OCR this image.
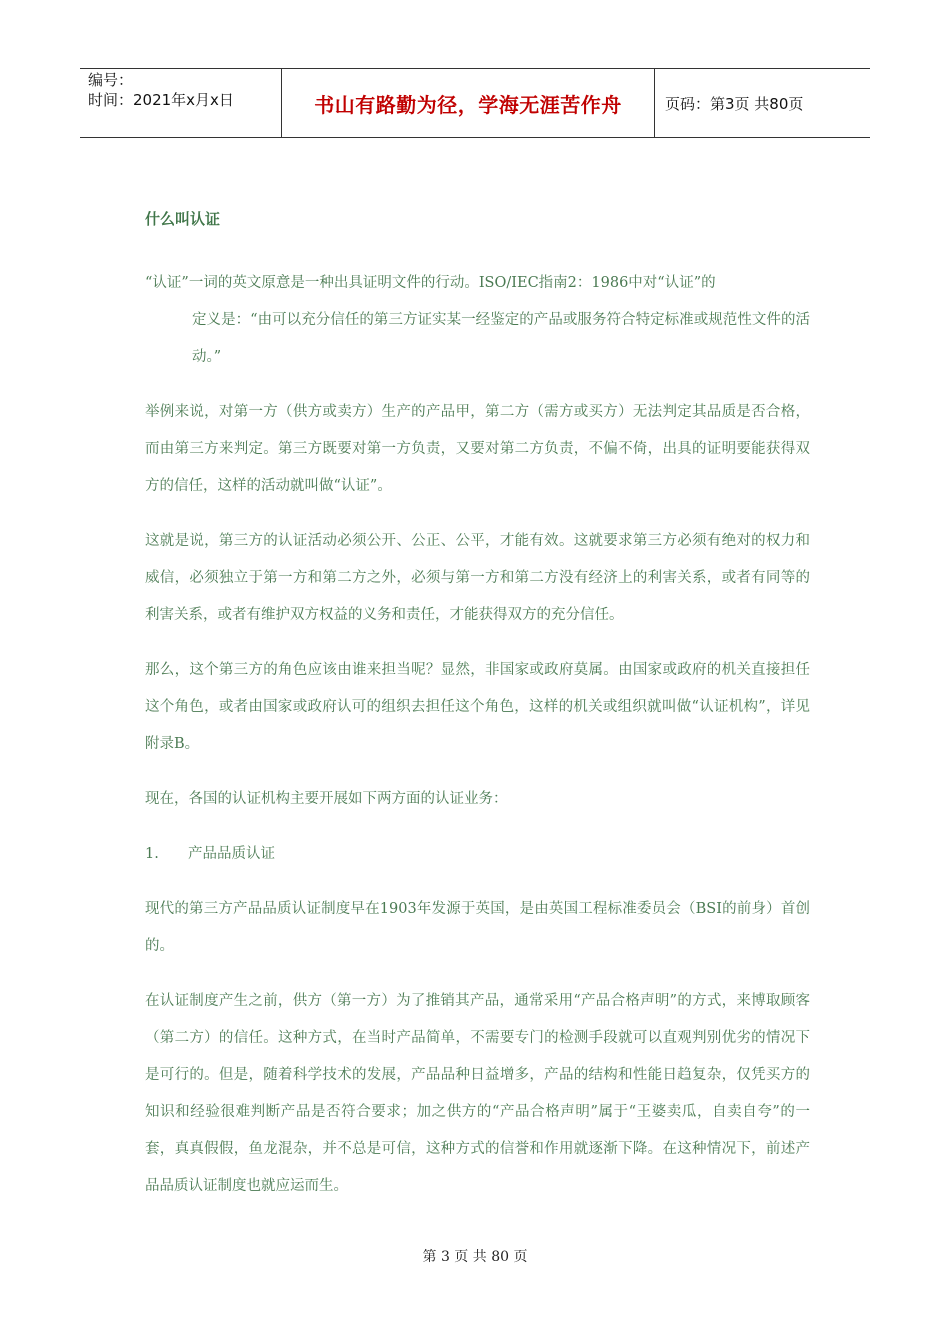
编号：
时间：2021年x月x日	书山有路勤为径，学海无涯苦作舟	页码：第3页 共80页
什么叫认证

“认证”一词的英文原意是一种出具证明文件的行动。ISO/IEC指南2：1986中对“认证”的
定义是：“由可以充分信任的第三方证实某一经鉴定的产品或服务符合特定标准或规范性文件的活动。”

举例来说，对第一方（供方或卖方）生产的产品甲，第二方（需方或买方）无法判定其品质是否合格，而由第三方来判定。第三方既要对第一方负责，又要对第二方负责，不偏不倚，出具的证明要能获得双方的信任，这样的活动就叫做“认证”。

这就是说，第三方的认证活动必须公开、公正、公平，才能有效。这就要求第三方必须有绝对的权力和威信，必须独立于第一方和第二方之外，必须与第一方和第二方没有经济上的利害关系，或者有同等的利害关系，或者有维护双方权益的义务和责任，才能获得双方的充分信任。

那么，这个第三方的角色应该由谁来担当呢？显然，非国家或政府莫属。由国家或政府的机关直接担任这个角色，或者由国家或政府认可的组织去担任这个角色，这样的机关或组织就叫做“认证机构”，详见附录B。

现在，各国的认证机构主要开展如下两方面的认证业务：

1.	产品品质认证

现代的第三方产品品质认证制度早在1903年发源于英国，是由英国工程标准委员会（BSI的前身）首创的。

在认证制度产生之前，供方（第一方）为了推销其产品，通常采用“产品合格声明”的方式，来博取顾客（第二方）的信任。这种方式，在当时产品简单，不需要专门的检测手段就可以直观判别优劣的情况下是可行的。但是，随着科学技术的发展，产品品种日益增多，产品的结构和性能日趋复杂，仅凭买方的知识和经验很难判断产品是否符合要求；加之供方的“产品合格声明”属于“王婆卖瓜，自卖自夸”的一套，真真假假，鱼龙混杂，并不总是可信，这种方式的信誉和作用就逐渐下降。在这种情况下，前述产品品质认证制度也就应运而生。

第 3 页 共 80 页
